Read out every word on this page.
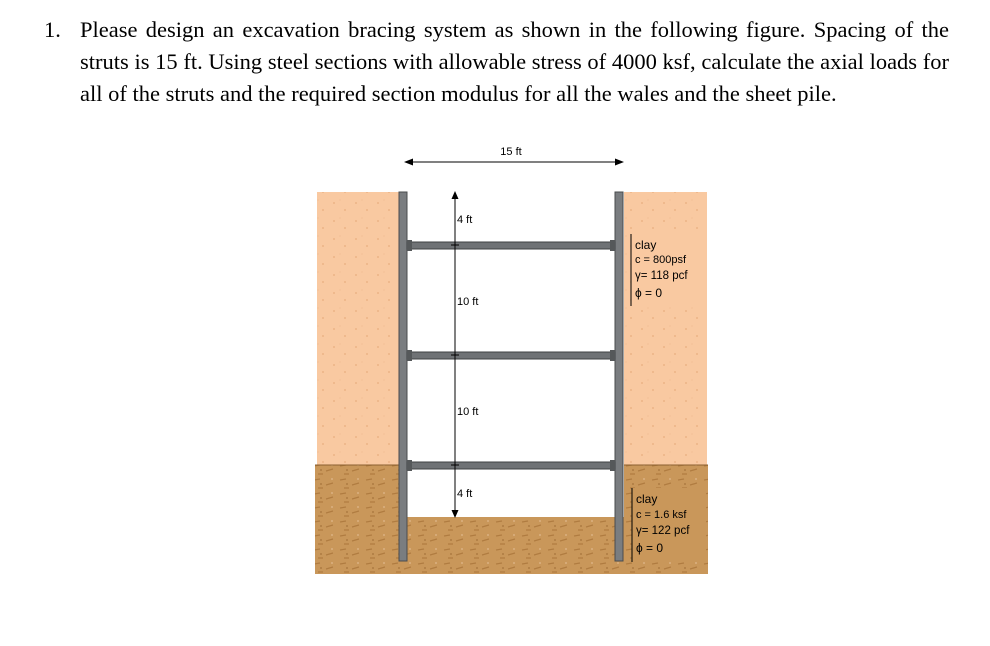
1. Please design an excavation bracing system as shown in the following figure. Spacing of the struts is 15 ft. Using steel sections with allowable stress of 4000 ksf, calculate the axial loads for all of the struts and the required section modulus for all the wales and the sheet pile.
15 ft
4 ft
10 ft
10 ft
4 ft
clay
c = 800psf
γ= 118 pcf
ϕ = 0
clay
c = 1.6 ksf
γ= 122 pcf
ϕ = 0
